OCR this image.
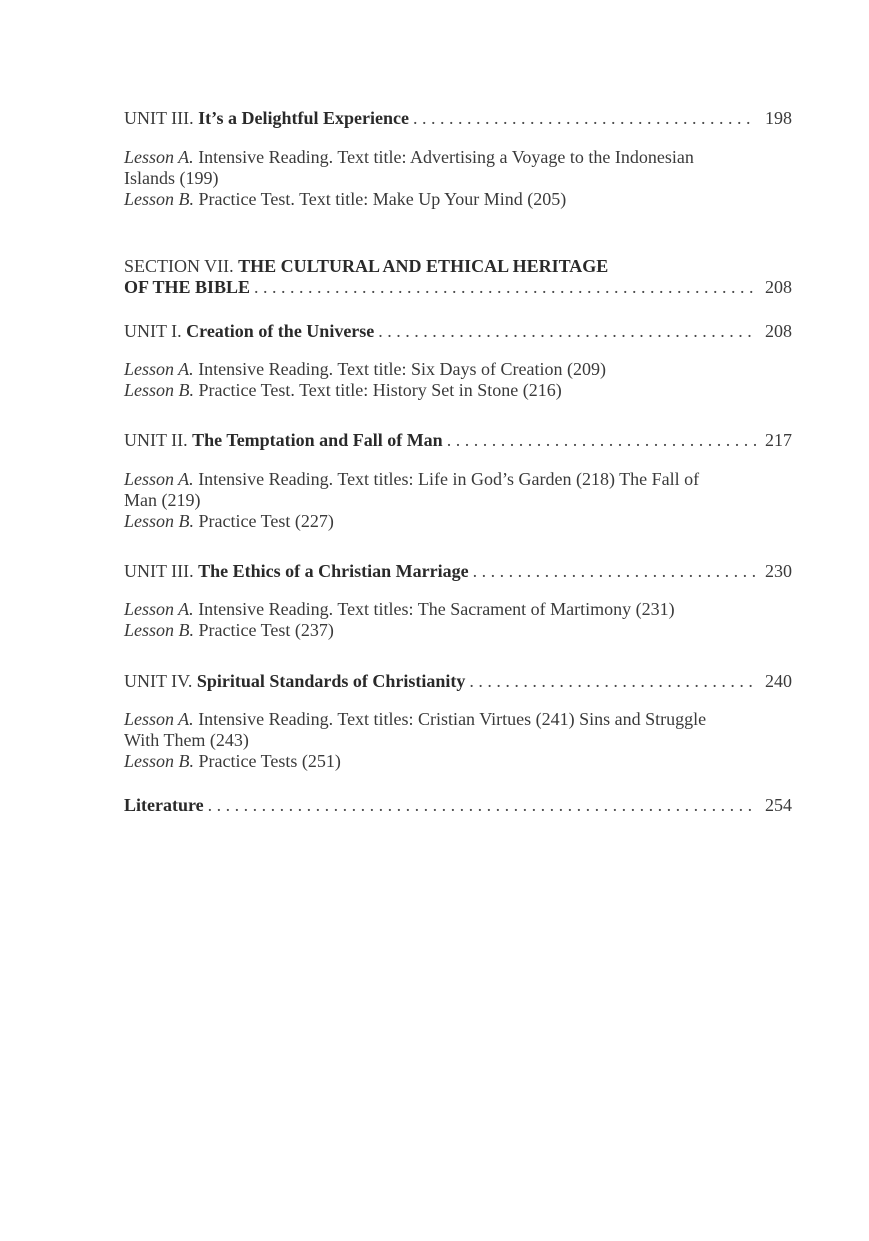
UNIT III. It’s a Delightful Experience . . .	198
Lesson A. Intensive Reading. Text title: Advertising a Voyage to the Indonesian Islands (199)
Lesson B. Practice Test. Text title: Make Up Your Mind (205)
SECTION VII. THE CULTURAL AND ETHICAL HERITAGE
OF THE BIBLE . . .	208
UNIT I. Creation of the Universe . . .	208
Lesson A. Intensive Reading. Text title: Six Days of Creation (209)
Lesson B. Practice Test. Text title: History Set in Stone (216)
UNIT II. The Temptation and Fall of Man . . .	217
Lesson A. Intensive Reading. Text titles: Life in God’s Garden (218) The Fall of Man (219)
Lesson B. Practice Test (227)
UNIT III. The Ethics of a Christian Marriage . . .	230
Lesson A. Intensive Reading. Text titles: The Sacrament of Martimony (231)
Lesson B. Practice Test (237)
UNIT IV. Spiritual Standards of Christianity . . .	240
Lesson A. Intensive Reading. Text titles: Cristian Virtues (241) Sins and Struggle With Them (243)
Lesson B. Practice Tests (251)
Literature . . .	254
